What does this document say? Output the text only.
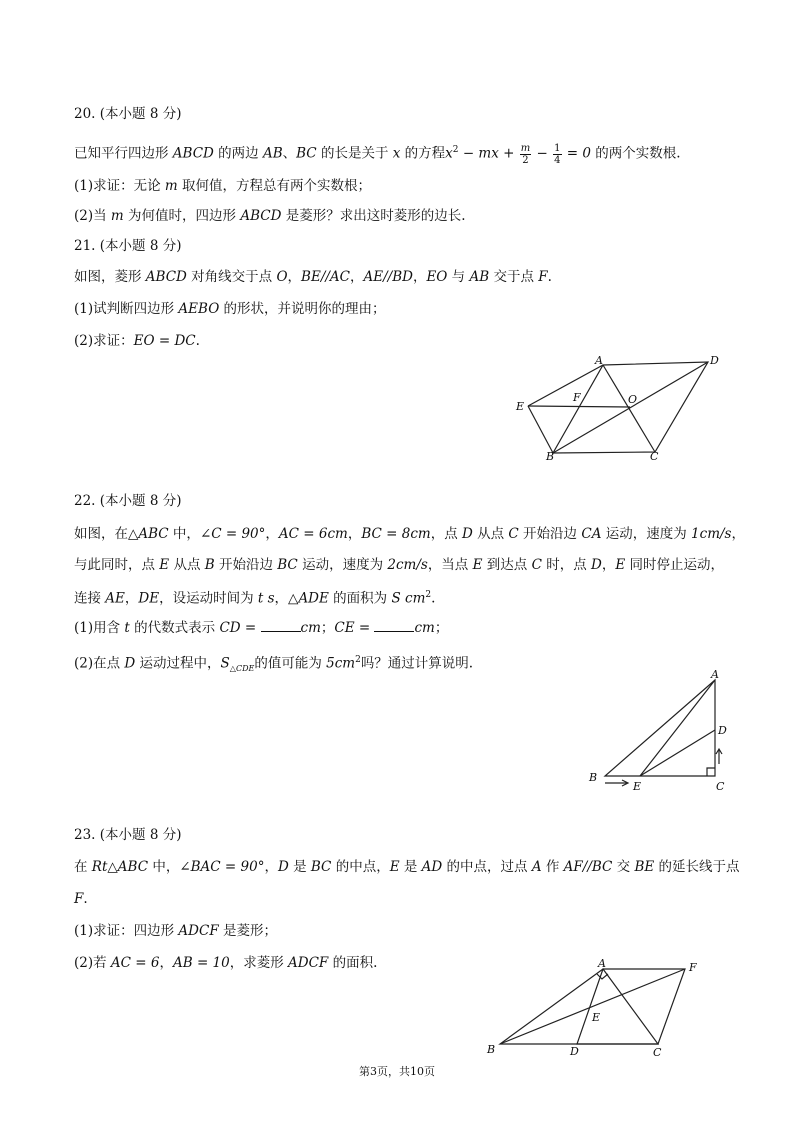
20. (本小题 8 分)
已知平行四边形 ABCD 的两边 AB、BC 的长是关于 x 的方程$x^2$ − mx + $\frac{m}{2} - \frac{1}{4} = 0$ 的两个实数根.
(1)求证：无论 m 取何值，方程总有两个实数根；
(2)当 m 为何值时，四边形 ABCD 是菱形？求出这时菱形的边长.
21. (本小题 8 分)
如图，菱形 ABCD 对角线交于点 O，BE//AC，AE//BD，EO 与 AB 交于点 F.
(1)试判断四边形 AEBO 的形状，并说明你的理由；
(2)求证：EO = DC.
A	D
E
F	O
B	C
22. (本小题 8 分)
如图，在△ABC 中，∠C = 90°，AC = 6cm，BC = 8cm，点 D 从点 C 开始沿边 CA 运动，速度为 1cm/s，
与此同时，点 E 从点 B 开始沿边 BC 运动，速度为 2cm/s，当点 E 到达点 C 时，点 D，E 同时停止运动，
连接 AE，DE，设运动时间为 t s，△ADE 的面积为 S $cm^2$.
(1)用含 t 的代数式表示 CD =	cm；CE =	cm；
(2)在点 D 运动过程中，$S_{\triangle CDE}$的值可能为 $5cm^2$吗？通过计算说明.
A
D
B
E	C
23. (本小题 8 分)
在 Rt△ABC 中，∠BAC = 90°，D 是 BC 的中点，E 是 AD 的中点，过点 A 作 AF//BC 交 BE 的延长线于点
F.
(1)求证：四边形 ADCF 是菱形；
(2)若 AC = 6，AB = 10，求菱形 ADCF 的面积.	A	F
E
B	D	C
第3页，共10页
